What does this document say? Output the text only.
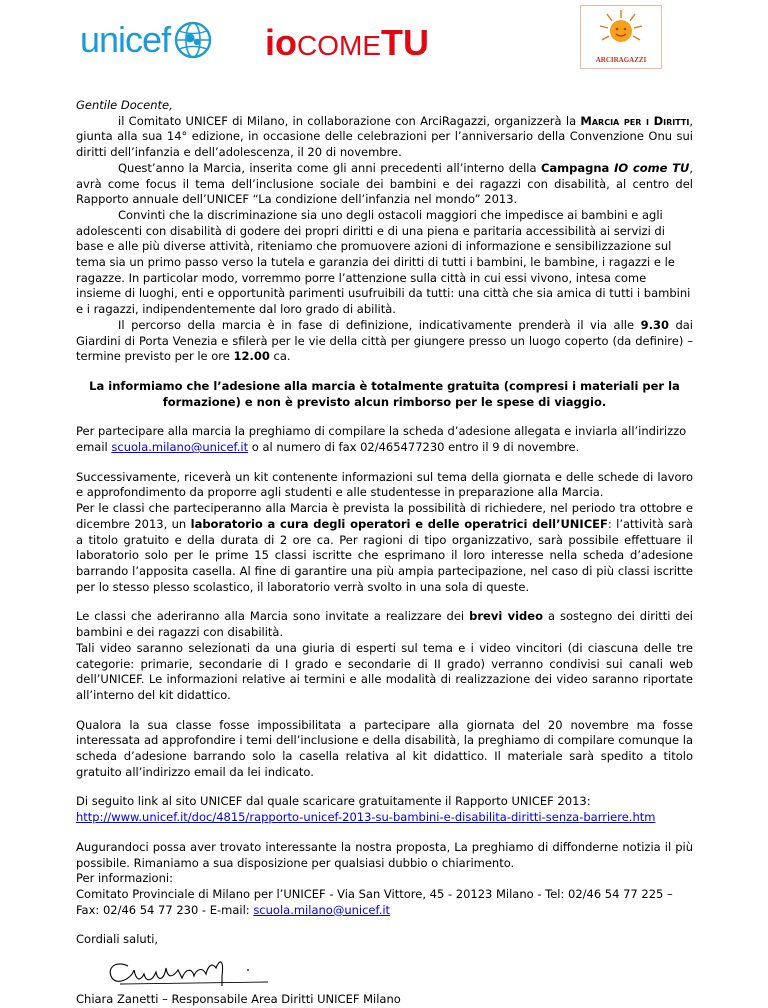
unicef	ioCOMETU	ARCIRAGAZZI

Gentile Docente,

il Comitato UNICEF di Milano, in collaborazione con ArciRagazzi, organizzerà la Marcia per i Diritti, giunta alla sua 14° edizione, in occasione delle celebrazioni per l’anniversario della Convenzione Onu sui diritti dell’infanzia e dell’adolescenza, il 20 di novembre.

Quest’anno la Marcia, inserita come gli anni precedenti all’interno della Campagna IO come TU, avrà come focus il tema dell’inclusione sociale dei bambini e dei ragazzi con disabilità, al centro del Rapporto annuale dell’UNICEF “La condizione dell’infanzia nel mondo” 2013.

Convinti che la discriminazione sia uno degli ostacoli maggiori che impedisce ai bambini e agli adolescenti con disabilità di godere dei propri diritti e di una piena e paritaria accessibilità ai servizi di base e alle più diverse attività, riteniamo che promuovere azioni di informazione e sensibilizzazione sul tema sia un primo passo verso la tutela e garanzia dei diritti di tutti i bambini, le bambine, i ragazzi e le ragazze. In particolar modo, vorremmo porre l’attenzione sulla città in cui essi vivono, intesa come insieme di luoghi, enti e opportunità parimenti usufruibili da tutti: una città che sia amica di tutti i bambini e i ragazzi, indipendentemente dal loro grado di abilità.

Il percorso della marcia è in fase di definizione, indicativamente prenderà il via alle 9.30 dai Giardini di Porta Venezia e sfilerà per le vie della città per giungere presso un luogo coperto (da definire) – termine previsto per le ore 12.00 ca.

La informiamo che l’adesione alla marcia è totalmente gratuita (compresi i materiali per la formazione) e non è previsto alcun rimborso per le spese di viaggio.

Per partecipare alla marcia la preghiamo di compilare la scheda d’adesione allegata e inviarla all’indirizzo email scuola.milano@unicef.it o al numero di fax 02/465477230 entro il 9 di novembre.

Successivamente, riceverà un kit contenente informazioni sul tema della giornata e delle schede di lavoro e approfondimento da proporre agli studenti e alle studentesse in preparazione alla Marcia.

Per le classi che parteciperanno alla Marcia è prevista la possibilità di richiedere, nel periodo tra ottobre e dicembre 2013, un laboratorio a cura degli operatori e delle operatrici dell’UNICEF: l’attività sarà a titolo gratuito e della durata di 2 ore ca. Per ragioni di tipo organizzativo, sarà possibile effettuare il laboratorio solo per le prime 15 classi iscritte che esprimano il loro interesse nella scheda d’adesione barrando l’apposita casella. Al fine di garantire una più ampia partecipazione, nel caso di più classi iscritte per lo stesso plesso scolastico, il laboratorio verrà svolto in una sola di queste.

Le classi che aderiranno alla Marcia sono invitate a realizzare dei brevi video a sostegno dei diritti dei bambini e dei ragazzi con disabilità.

Tali video saranno selezionati da una giuria di esperti sul tema e i video vincitori (di ciascuna delle tre categorie: primarie, secondarie di I grado e secondarie di II grado) verranno condivisi sui canali web dell’UNICEF. Le informazioni relative ai termini e alle modalità di realizzazione dei video saranno riportate all’interno del kit didattico.

Qualora la sua classe fosse impossibilitata a partecipare alla giornata del 20 novembre ma fosse interessata ad approfondire i temi dell’inclusione e della disabilità, la preghiamo di compilare comunque la scheda d’adesione barrando solo la casella relativa al kit didattico. Il materiale sarà spedito a titolo gratuito all’indirizzo email da lei indicato.

Di seguito link al sito UNICEF dal quale scaricare gratuitamente il Rapporto UNICEF 2013:

http://www.unicef.it/doc/4815/rapporto-unicef-2013-su-bambini-e-disabilita-diritti-senza-barriere.htm

Augurandoci possa aver trovato interessante la nostra proposta, La preghiamo di diffonderne notizia il più possibile. Rimaniamo a sua disposizione per qualsiasi dubbio o chiarimento.

Per informazioni:

Comitato Provinciale di Milano per l’UNICEF - Via San Vittore, 45 - 20123 Milano - Tel: 02/46 54 77 225 –

Fax: 02/46 54 77 230 - E-mail: scuola.milano@unicef.it

Cordiali saluti,

Chiara Zanetti – Responsabile Area Diritti UNICEF Milano
